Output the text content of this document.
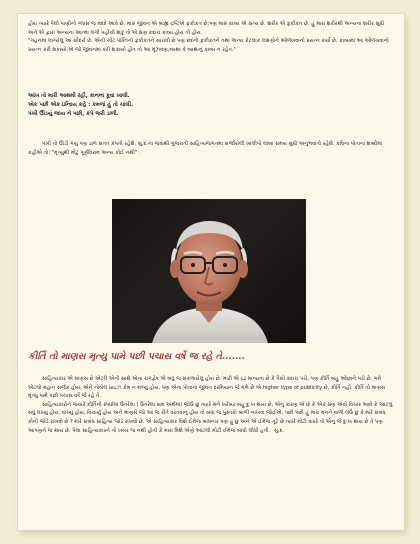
હોય ત્યારે પેલો પાણીનો ગ્લાસ જ મદદે આવે છે. મારું જીવન એ બાહ્ય દ્રષ્ટિએ ફકીકત છે;પણ મારું કાવ્ય એ સત્ય છે. શરીર એ ફકીકત છે. હું મારા શરીરથી અન્યના શરીર સુધી અને એ દ્વારા અન્યના આત્મા લગી પહોંચી શકું તો એ ક્ષણ કદાચ કાવ્ય હોય તો હોય.

"ગહનમાં લાગ્યેલું આ સૌંદર્ય છે. એની ચીંટ પંક્તિની ફકીકતને સાચવી છે પણ છંદની ફકીકતને તથા અન્ય કેટલાક લક્ષણોને ઓળખવાનો પ્રયત્ન કર્યો છે. કાવ્યમાં આ ઓળખવાનો પ્રયત્ન કરી શકાયો,એ જો જીવનમાં કરી શકાયો હોત તો આ મૂંઝવણ,વ્યથા કે વ્યથાનું કાવ્ય ન રહેત."

આંખ તો મારી આથમી રહી, કાનના કૂવા ખાલી.

એક પછી એક ઇન્દ્રિય કહે : કમળાં હું તો ચાલી.

પંખી ઊડયું જાય ને પછી, કંપે જરી ડાળી.

પંખી તો ઊડી ગયું પણ ડાળ સતત કંપતી રહેશે. સુ.દ.ના જવાથી ગુજરાતી સાહિત્યજગતમાં સર્જાયેલી ખાલીપો લાંબા સમય સુધી અનુભવાતો રહેશે. કવિના પોતાના શબ્દોમાં કહીએ તો: "મૃત્યુથી મોટું પૂર્ણવિરામ અન્ય કોઈ નથી" .

કીર્તિ તો માણસ મૃત્યુ પામે પછી પચાસ વર્ષે જ રહે તે.......

સાહિત્યકાર એ માણસ છે એટલે એની સાથે એના રાગદ્વેષ એ બધું જ સંકળાયેલું હોય છે. મારી એ દ્રઢ માન્યતા છે કે પૈસો કદાચ પચે, પણ કીર્તિ બહુ ઓછાને પચે છે. ગમે એટલો મહાન સર્જક હોય, એને નોબેલ પ્રાઇઝ કેમ ન મળ્યું હોય, પણ એના પોતાના જીવન દરમિયાન જે મળે છે એ higher type of publicity છે, કીર્તિ નહીં. કીર્તિ તો માણસ મૃત્યુ પામે પછી પચાસ વર્ષે જે રહે તે.

સાહિત્યકારોને જ્યારે કીર્તિની સ્પર્ધામાં ઉતરેલા ( ઉતરેલા સમ અર્થમાં) જોઉ છું ત્યારે મને ખરેખર બહુ દુ:ખ થાય છે, એનું કારણ એ છે કે એક ક્ષણ એવો વિચાર આવે કે આટલું બધું લખ્યું હોય, વાંચ્યું હોય, વિચાર્યું હોય અને માણસે જો આ જ રીતે વરતવાનું હોય તો બધાં જ પુસ્તકો બાળી નાખવાં જોઈએ. પછી પછી હું મારા મનને વાળી લઉં છું કે મારે સંબંધ કોની જોડે રાખવો છે ? મારે સંબંધ સાહિત્ય જોડે રાખવો છે. એ સાહિત્યકાર વિશે ઈમેજ બાંધનાર પણ હું છું અને એ ઈમેજ તૂટે છે ત્યારે મોટી વારરે તો એનું જે દુ:ખ થાય છે તે પણ આપણને જ થાય છે. પેલા સાહિત્યકારને તો ખબર જ નથી હોતી કે મારા વિશે એણે આટલી મોટી ઈમેજ બાંધી લીધી હતી. સુ.દ.
